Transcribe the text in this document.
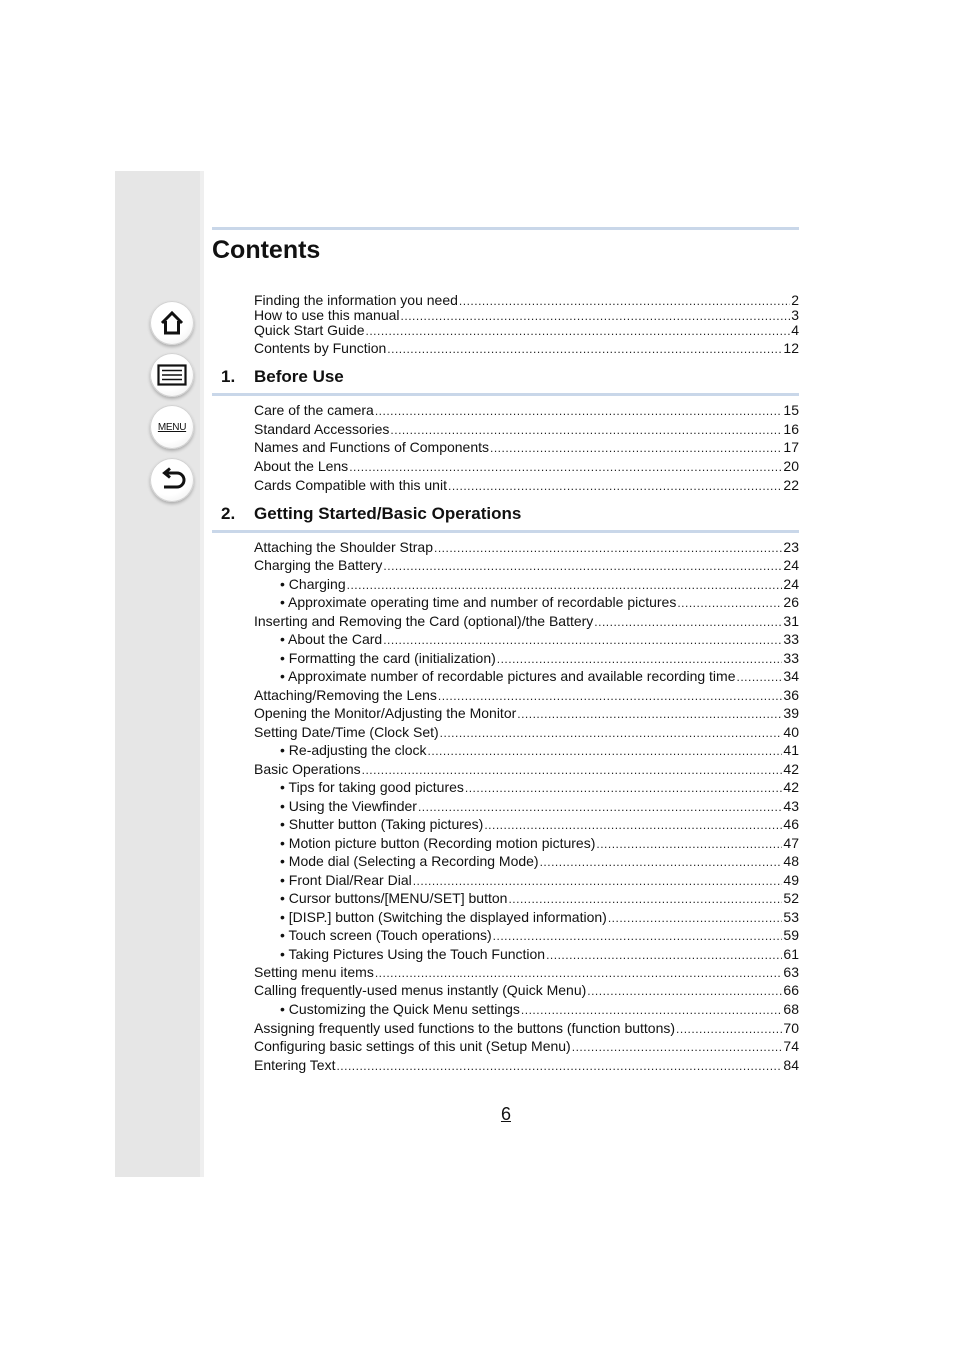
MENU
Contents
Finding the information you need .....	2
How to use this manual .....	3
Quick Start Guide .....	4
Contents by Function .....	12
1. Before Use
Care of the camera .....	15
Standard Accessories .....	16
Names and Functions of Components .....	17
About the Lens .....	20
Cards Compatible with this unit .....	22
2. Getting Started/Basic Operations
Attaching the Shoulder Strap .....	23
Charging the Battery .....	24
• Charging .....	24
• Approximate operating time and number of recordable pictures .....	26
Inserting and Removing the Card (optional)/the Battery .....	31
• About the Card .....	33
• Formatting the card (initialization) .....	33
• Approximate number of recordable pictures and available recording time .....	34
Attaching/Removing the Lens .....	36
Opening the Monitor/Adjusting the Monitor .....	39
Setting Date/Time (Clock Set) .....	40
• Re-adjusting the clock .....	41
Basic Operations .....	42
• Tips for taking good pictures .....	42
• Using the Viewfinder .....	43
• Shutter button (Taking pictures) .....	46
• Motion picture button (Recording motion pictures) .....	47
• Mode dial (Selecting a Recording Mode) .....	48
• Front Dial/Rear Dial .....	49
• Cursor buttons/[MENU/SET] button .....	52
• [DISP.] button (Switching the displayed information) .....	53
• Touch screen (Touch operations) .....	59
• Taking Pictures Using the Touch Function .....	61
Setting menu items .....	63
Calling frequently-used menus instantly (Quick Menu) .....	66
• Customizing the Quick Menu settings .....	68
Assigning frequently used functions to the buttons (function buttons) .....	70
Configuring basic settings of this unit (Setup Menu) .....	74
Entering Text .....	84
6
